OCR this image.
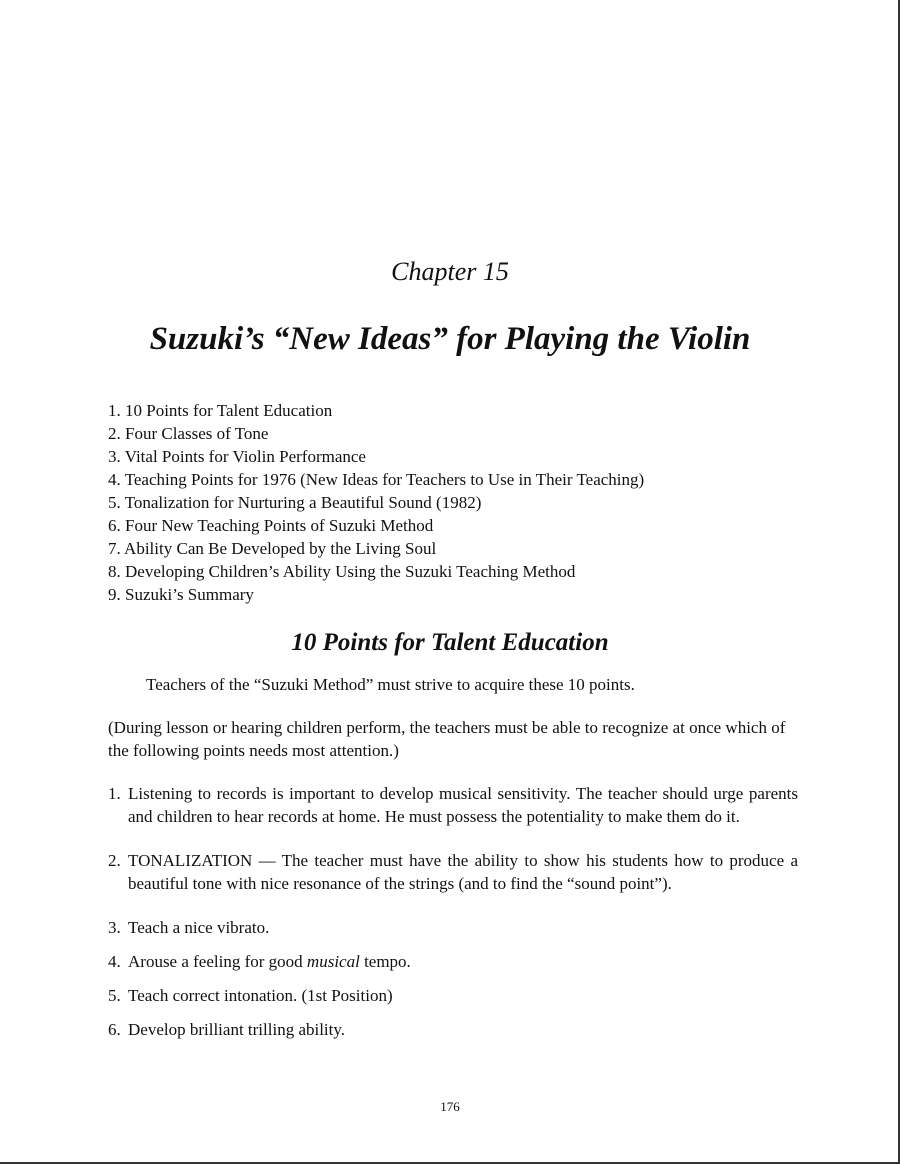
Chapter 15
Suzuki’s “New Ideas” for Playing the Violin
1. 10 Points for Talent Education
2. Four Classes of Tone
3. Vital Points for Violin Performance
4. Teaching Points for 1976 (New Ideas for Teachers to Use in Their Teaching)
5. Tonalization for Nurturing a Beautiful Sound (1982)
6. Four New Teaching Points of Suzuki Method
7. Ability Can Be Developed by the Living Soul
8. Developing Children’s Ability Using the Suzuki Teaching Method
9. Suzuki’s Summary
10 Points for Talent Education
Teachers of the “Suzuki Method” must strive to acquire these 10 points.
(During lesson or hearing children perform, the teachers must be able to recognize at once which of the following points needs most attention.)
1. Listening to records is important to develop musical sensitivity. The teacher should urge parents and children to hear records at home. He must possess the potentiality to make them do it.
2. TONALIZATION — The teacher must have the ability to show his students how to produce a beautiful tone with nice resonance of the strings (and to find the “sound point”).
3. Teach a nice vibrato.
4. Arouse a feeling for good musical tempo.
5. Teach correct intonation. (1st Position)
6. Develop brilliant trilling ability.
176
